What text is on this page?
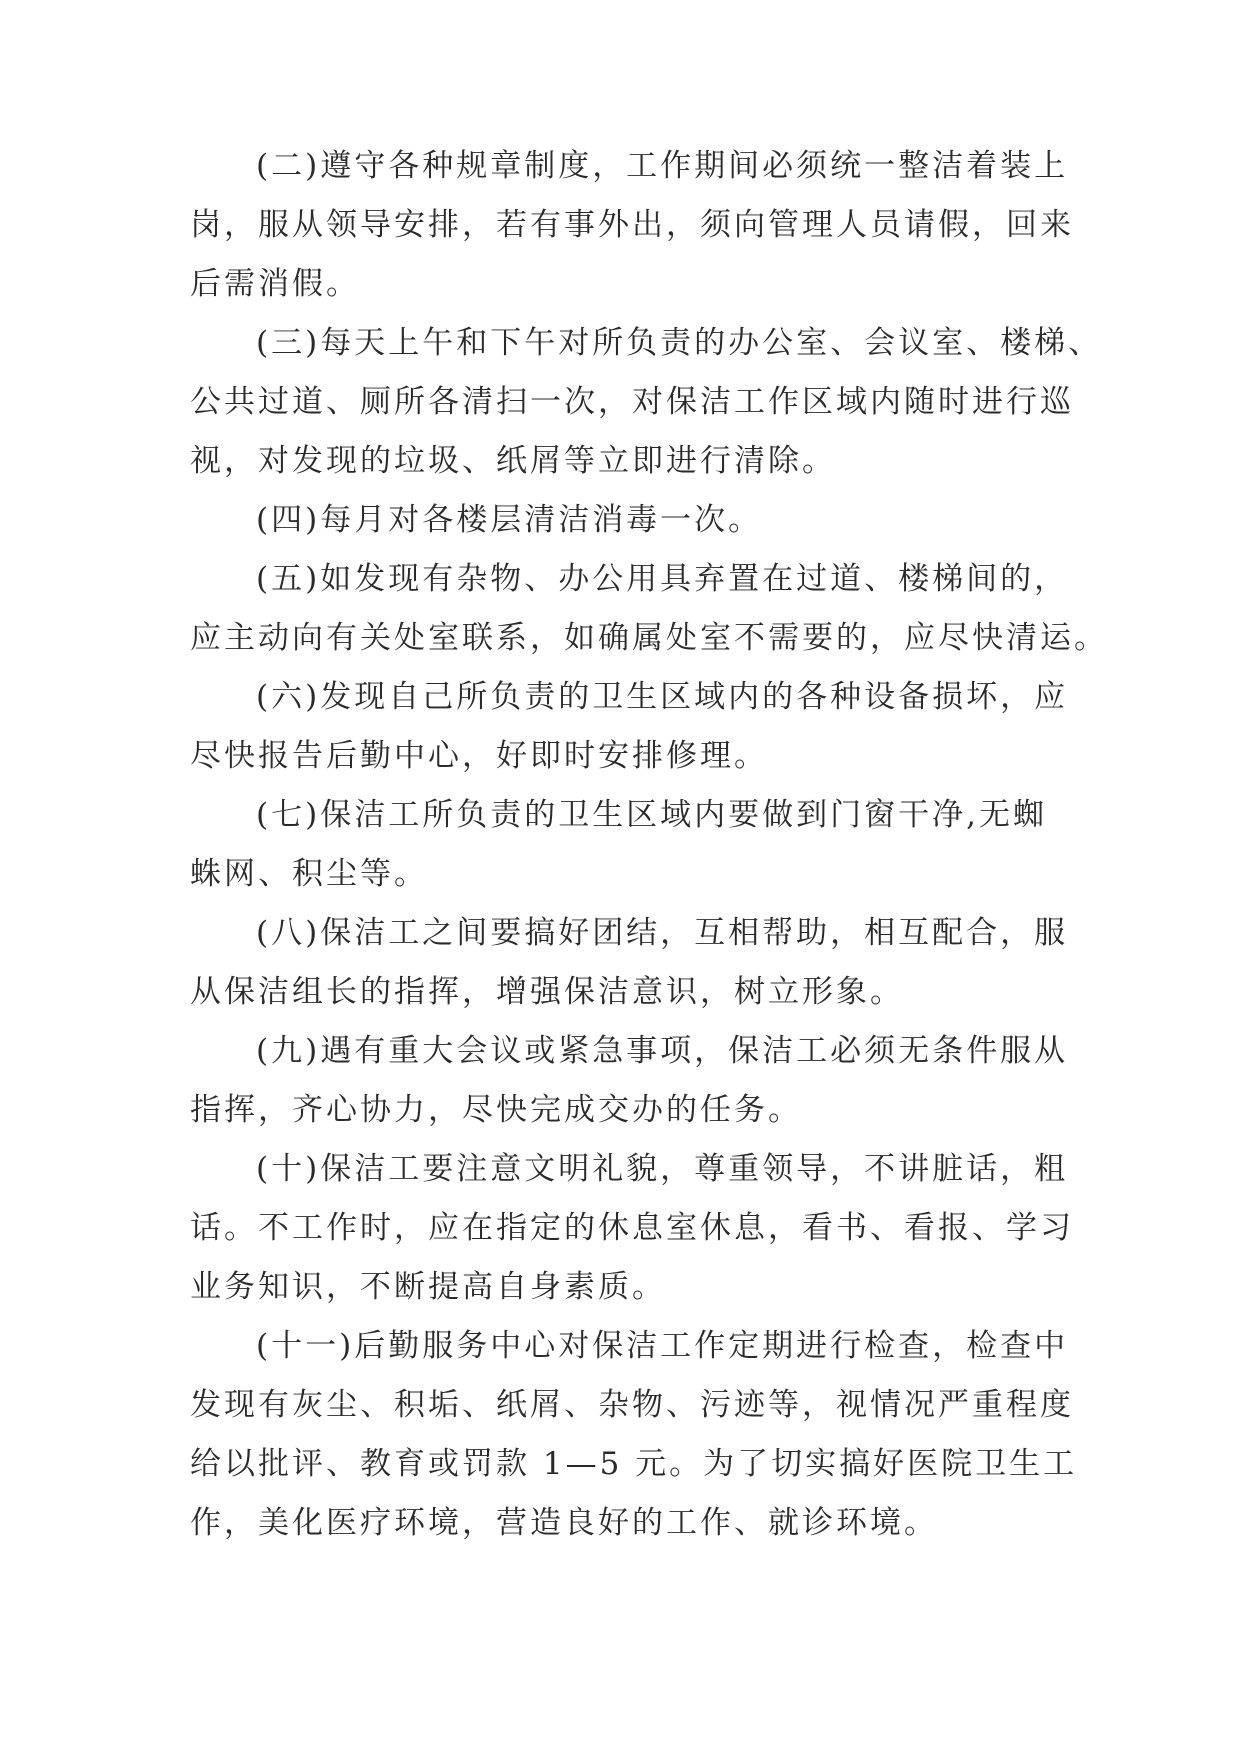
(二)遵守各种规章制度，工作期间必须统一整洁着装上
岗，服从领导安排，若有事外出，须向管理人员请假，回来
后需消假。
(三)每天上午和下午对所负责的办公室、会议室、楼梯、
公共过道、厕所各清扫一次，对保洁工作区域内随时进行巡
视，对发现的垃圾、纸屑等立即进行清除。
(四)每月对各楼层清洁消毒一次。
(五)如发现有杂物、办公用具弃置在过道、楼梯间的，
应主动向有关处室联系，如确属处室不需要的，应尽快清运。
(六)发现自己所负责的卫生区域内的各种设备损坏，应
尽快报告后勤中心，好即时安排修理。
(七)保洁工所负责的卫生区域内要做到门窗干净,无蜘
蛛网、积尘等。
(八)保洁工之间要搞好团结，互相帮助，相互配合，服
从保洁组长的指挥，增强保洁意识，树立形象。
(九)遇有重大会议或紧急事项，保洁工必须无条件服从
指挥，齐心协力，尽快完成交办的任务。
(十)保洁工要注意文明礼貌，尊重领导，不讲脏话，粗
话。不工作时，应在指定的休息室休息，看书、看报、学习
业务知识，不断提高自身素质。
(十一)后勤服务中心对保洁工作定期进行检查，检查中
发现有灰尘、积垢、纸屑、杂物、污迹等，视情况严重程度
给以批评、教育或罚款 1—5 元。为了切实搞好医院卫生工
作，美化医疗环境，营造良好的工作、就诊环境。
